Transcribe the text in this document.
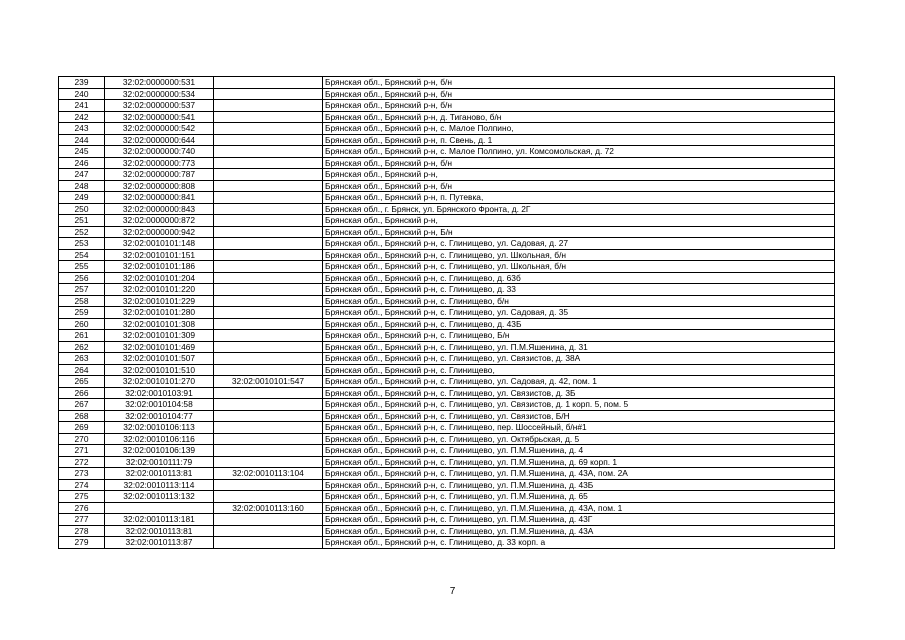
239	32:02:0000000:531		Брянская обл., Брянский р-н, б/н
240	32:02:0000000:534		Брянская обл., Брянский р-н, б/н
241	32:02:0000000:537		Брянская обл., Брянский р-н, б/н
242	32:02:0000000:541		Брянская обл., Брянский р-н, д. Тиганово, б/н
243	32:02:0000000:542		Брянская обл., Брянский р-н, с. Малое Полпино,
244	32:02:0000000:644		Брянская обл., Брянский р-н, п. Свень, д. 1
245	32:02:0000000:740		Брянская обл., Брянский р-н, с. Малое Полпино, ул. Комсомольская, д. 72
246	32:02:0000000:773		Брянская обл., Брянский р-н, б/н
247	32:02:0000000:787		Брянская обл., Брянский р-н,
248	32:02:0000000:808		Брянская обл., Брянский р-н, б/н
249	32:02:0000000:841		Брянская обл., Брянский р-н, п. Путевка,
250	32:02:0000000:843		Брянская обл., г. Брянск, ул. Брянского Фронта, д. 2Г
251	32:02:0000000:872		Брянская обл., Брянский р-н,
252	32:02:0000000:942		Брянская обл., Брянский р-н, Б/н
253	32:02:0010101:148		Брянская обл., Брянский р-н, с. Глинищево, ул. Садовая, д. 27
254	32:02:0010101:151		Брянская обл., Брянский р-н, с. Глинищево, ул. Школьная, б/н
255	32:02:0010101:186		Брянская обл., Брянский р-н, с. Глинищево, ул. Школьная, б/н
256	32:02:0010101:204		Брянская обл., Брянский р-н, с. Глинищево, д. 63б
257	32:02:0010101:220		Брянская обл., Брянский р-н, с. Глинищево, д. 33
258	32:02:0010101:229		Брянская обл., Брянский р-н, с. Глинищево, б/н
259	32:02:0010101:280		Брянская обл., Брянский р-н, с. Глинищево, ул. Садовая, д. 35
260	32:02:0010101:308		Брянская обл., Брянский р-н, с. Глинищево, д. 43Б
261	32:02:0010101:309		Брянская обл., Брянский р-н, с. Глинищево, Б/н
262	32:02:0010101:469		Брянская обл., Брянский р-н, с. Глинищево, ул. П.М.Яшенина, д. 31
263	32:02:0010101:507		Брянская обл., Брянский р-н, с. Глинищево, ул. Связистов, д. 38А
264	32:02:0010101:510		Брянская обл., Брянский р-н, с. Глинищево,
265	32:02:0010101:270	32:02:0010101:547	Брянская обл., Брянский р-н, с. Глинищево, ул. Садовая, д. 42, пом. 1
266	32:02:0010103:91		Брянская обл., Брянский р-н, с. Глинищево, ул. Связистов, д. 3Б
267	32:02:0010104:58		Брянская обл., Брянский р-н, с. Глинищево, ул. Связистов, д. 1 корп. 5, пом. 5
268	32:02:0010104:77		Брянская обл., Брянский р-н, с. Глинищево, ул. Связистов, Б/Н
269	32:02:0010106:113		Брянская обл., Брянский р-н, с. Глинищево, пер. Шоссейный, б/н#1
270	32:02:0010106:116		Брянская обл., Брянский р-н, с. Глинищево, ул. Октябрьская, д. 5
271	32:02:0010106:139		Брянская обл., Брянский р-н, с. Глинищево, ул. П.М.Яшенина, д. 4
272	32:02:0010111:79		Брянская обл., Брянский р-н, с. Глинищево, ул. П.М.Яшенина, д. 69 корп. 1
273	32:02:0010113:81	32:02:0010113:104	Брянская обл., Брянский р-н, с. Глинищево, ул. П.М.Яшенина, д. 43А, пом. 2А
274	32:02:0010113:114		Брянская обл., Брянский р-н, с. Глинищево, ул. П.М.Яшенина, д. 43Б
275	32:02:0010113:132		Брянская обл., Брянский р-н, с. Глинищево, ул. П.М.Яшенина, д. 65
276		32:02:0010113:160	Брянская обл., Брянский р-н, с. Глинищево, ул. П.М.Яшенина, д. 43А, пом. 1
277	32:02:0010113:181		Брянская обл., Брянский р-н, с. Глинищево, ул. П.М.Яшенина, д. 43Г
278	32:02:0010113:81		Брянская обл., Брянский р-н, с. Глинищево, ул. П.М.Яшенина, д. 43А
279	32:02:0010113:87		Брянская обл., Брянский р-н, с. Глинищево, д. 33 корп. а
7
